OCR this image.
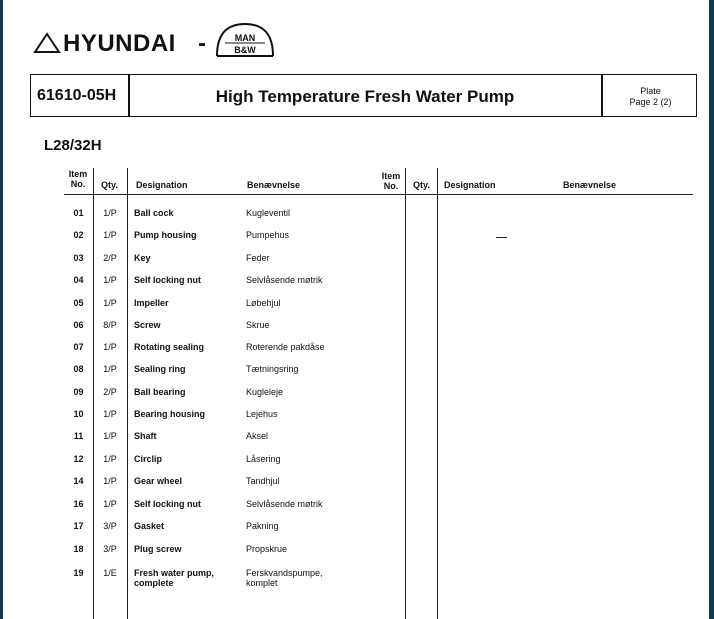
HYUNDAI -	MAN
B&W
61610-05H	High Temperature Fresh Water Pump	Plate
Page 2 (2)
L28/32H
Item
No.	Qty. Designation	Benævnelse
Item
No.	Qty. Designation	Benævnelse
01	1/P	Ball cock	Kugleventil
02	1/P	Pump housing	Pumpehus
03	2/P	Key	Feder
04	1/P	Self locking nut	Selvlåsende møtrik
05	1/P	Impeller	Løbehjul
06	8/P	Screw	Skrue
07	1/P	Rotating sealing	Roterende pakdåse
08	1/P	Sealing ring	Tætningsring
09	2/P	Ball bearing	Kugleleje
10	1/P	Bearing housing	Lejehus
11	1/P	Shaft	Aksel
12	1/P	Circlip	Låsering
14	1/P	Gear wheel	Tandhjul
16	1/P	Self locking nut	Selvlåsende møtrik
17	3/P	Gasket	Pakning
18	3/P	Plug screw	Propskrue
19	1/E	Fresh water pump, complete
Ferskvandspumpe, komplet
